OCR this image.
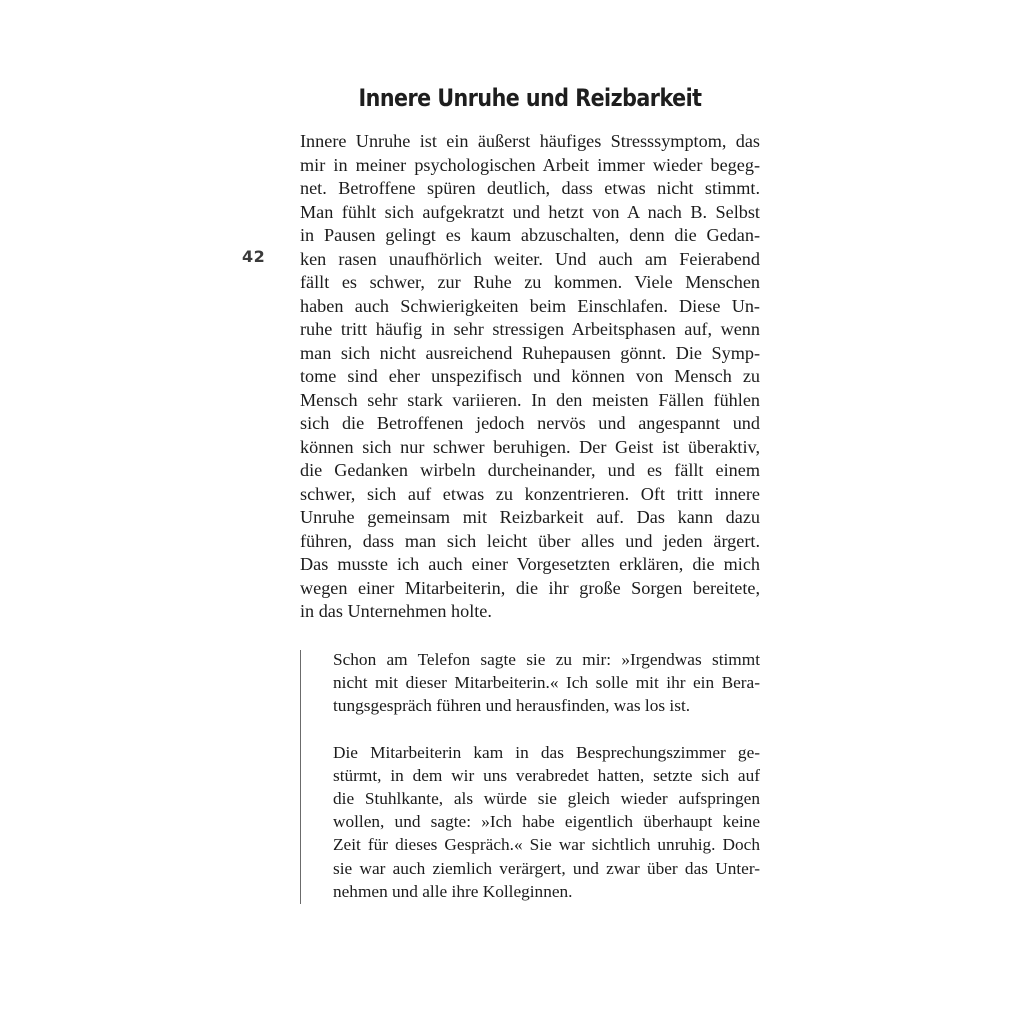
42
Innere Unruhe und Reizbarkeit
Innere Unruhe ist ein äußerst häufiges Stresssymptom, das
mir in meiner psychologischen Arbeit immer wieder begeg-
net. Betroffene spüren deutlich, dass etwas nicht stimmt.
Man fühlt sich aufgekratzt und hetzt von A nach B. Selbst
in Pausen gelingt es kaum abzuschalten, denn die Gedan-
ken rasen unaufhörlich weiter. Und auch am Feierabend
fällt es schwer, zur Ruhe zu kommen. Viele Menschen
haben auch Schwierigkeiten beim Einschlafen. Diese Un-
ruhe tritt häufig in sehr stressigen Arbeitsphasen auf, wenn
man sich nicht ausreichend Ruhepausen gönnt. Die Symp-
tome sind eher unspezifisch und können von Mensch zu
Mensch sehr stark variieren. In den meisten Fällen fühlen
sich die Betroffenen jedoch nervös und angespannt und
können sich nur schwer beruhigen. Der Geist ist überaktiv,
die Gedanken wirbeln durcheinander, und es fällt einem
schwer, sich auf etwas zu konzentrieren. Oft tritt innere
Unruhe gemeinsam mit Reizbarkeit auf. Das kann dazu
führen, dass man sich leicht über alles und jeden ärgert.
Das musste ich auch einer Vorgesetzten erklären, die mich
wegen einer Mitarbeiterin, die ihr große Sorgen bereitete,
in das Unternehmen holte.

Schon am Telefon sagte sie zu mir: »Irgendwas stimmt
nicht mit dieser Mitarbeiterin.« Ich solle mit ihr ein Bera-
tungsgespräch führen und herausfinden, was los ist.

Die Mitarbeiterin kam in das Besprechungszimmer ge-
stürmt, in dem wir uns verabredet hatten, setzte sich auf
die Stuhlkante, als würde sie gleich wieder aufspringen
wollen, und sagte: »Ich habe eigentlich überhaupt keine
Zeit für dieses Gespräch.« Sie war sichtlich unruhig. Doch
sie war auch ziemlich verärgert, und zwar über das Unter-
nehmen und alle ihre Kolleginnen.
